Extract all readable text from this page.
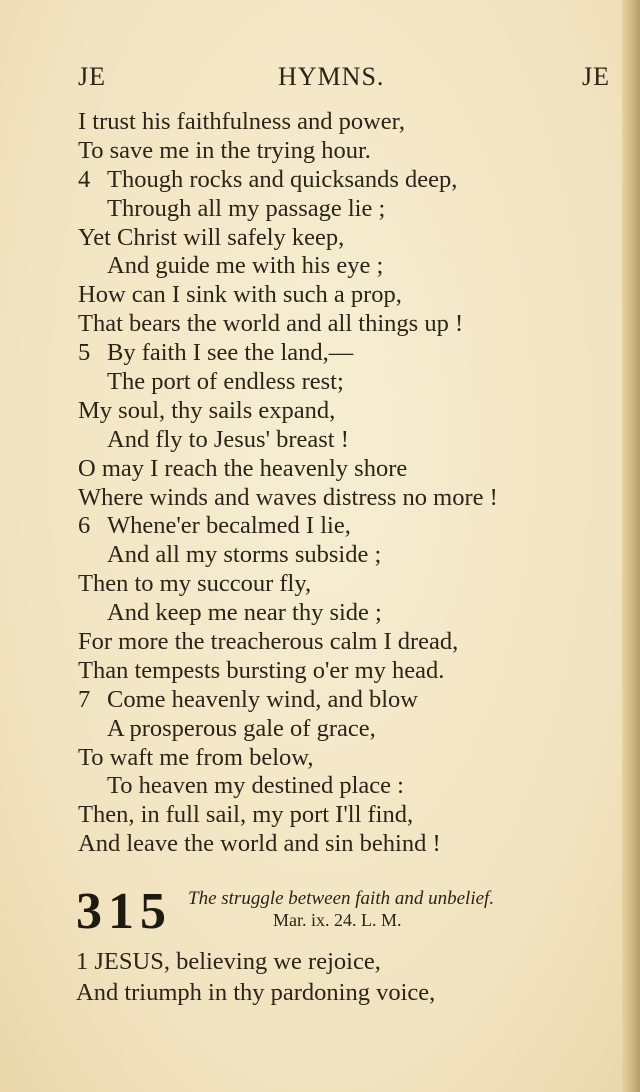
JE	HYMNS.	JE
I trust his faithfulness and power,
To save me in the trying hour.
4 Though rocks and quicksands deep,
Through all my passage lie ;
Yet Christ will safely keep,
And guide me with his eye ;
How can I sink with such a prop,
That bears the world and all things up !
5 By faith I see the land,—
The port of endless rest;
My soul, thy sails expand,
And fly to Jesus' breast !
O may I reach the heavenly shore
Where winds and waves distress no more !
6 Whene'er becalmed I lie,
And all my storms subside ;
Then to my succour fly,
And keep me near thy side ;
For more the treacherous calm I dread,
Than tempests bursting o'er my head.
7 Come heavenly wind, and blow
A prosperous gale of grace,
To waft me from below,
To heaven my destined place :
Then, in full sail, my port I'll find,
And leave the world and sin behind !
315 The struggle between faith and unbelief.
Mar. ix. 24. L. M.
1 JESUS, believing we rejoice,
And triumph in thy pardoning voice,
